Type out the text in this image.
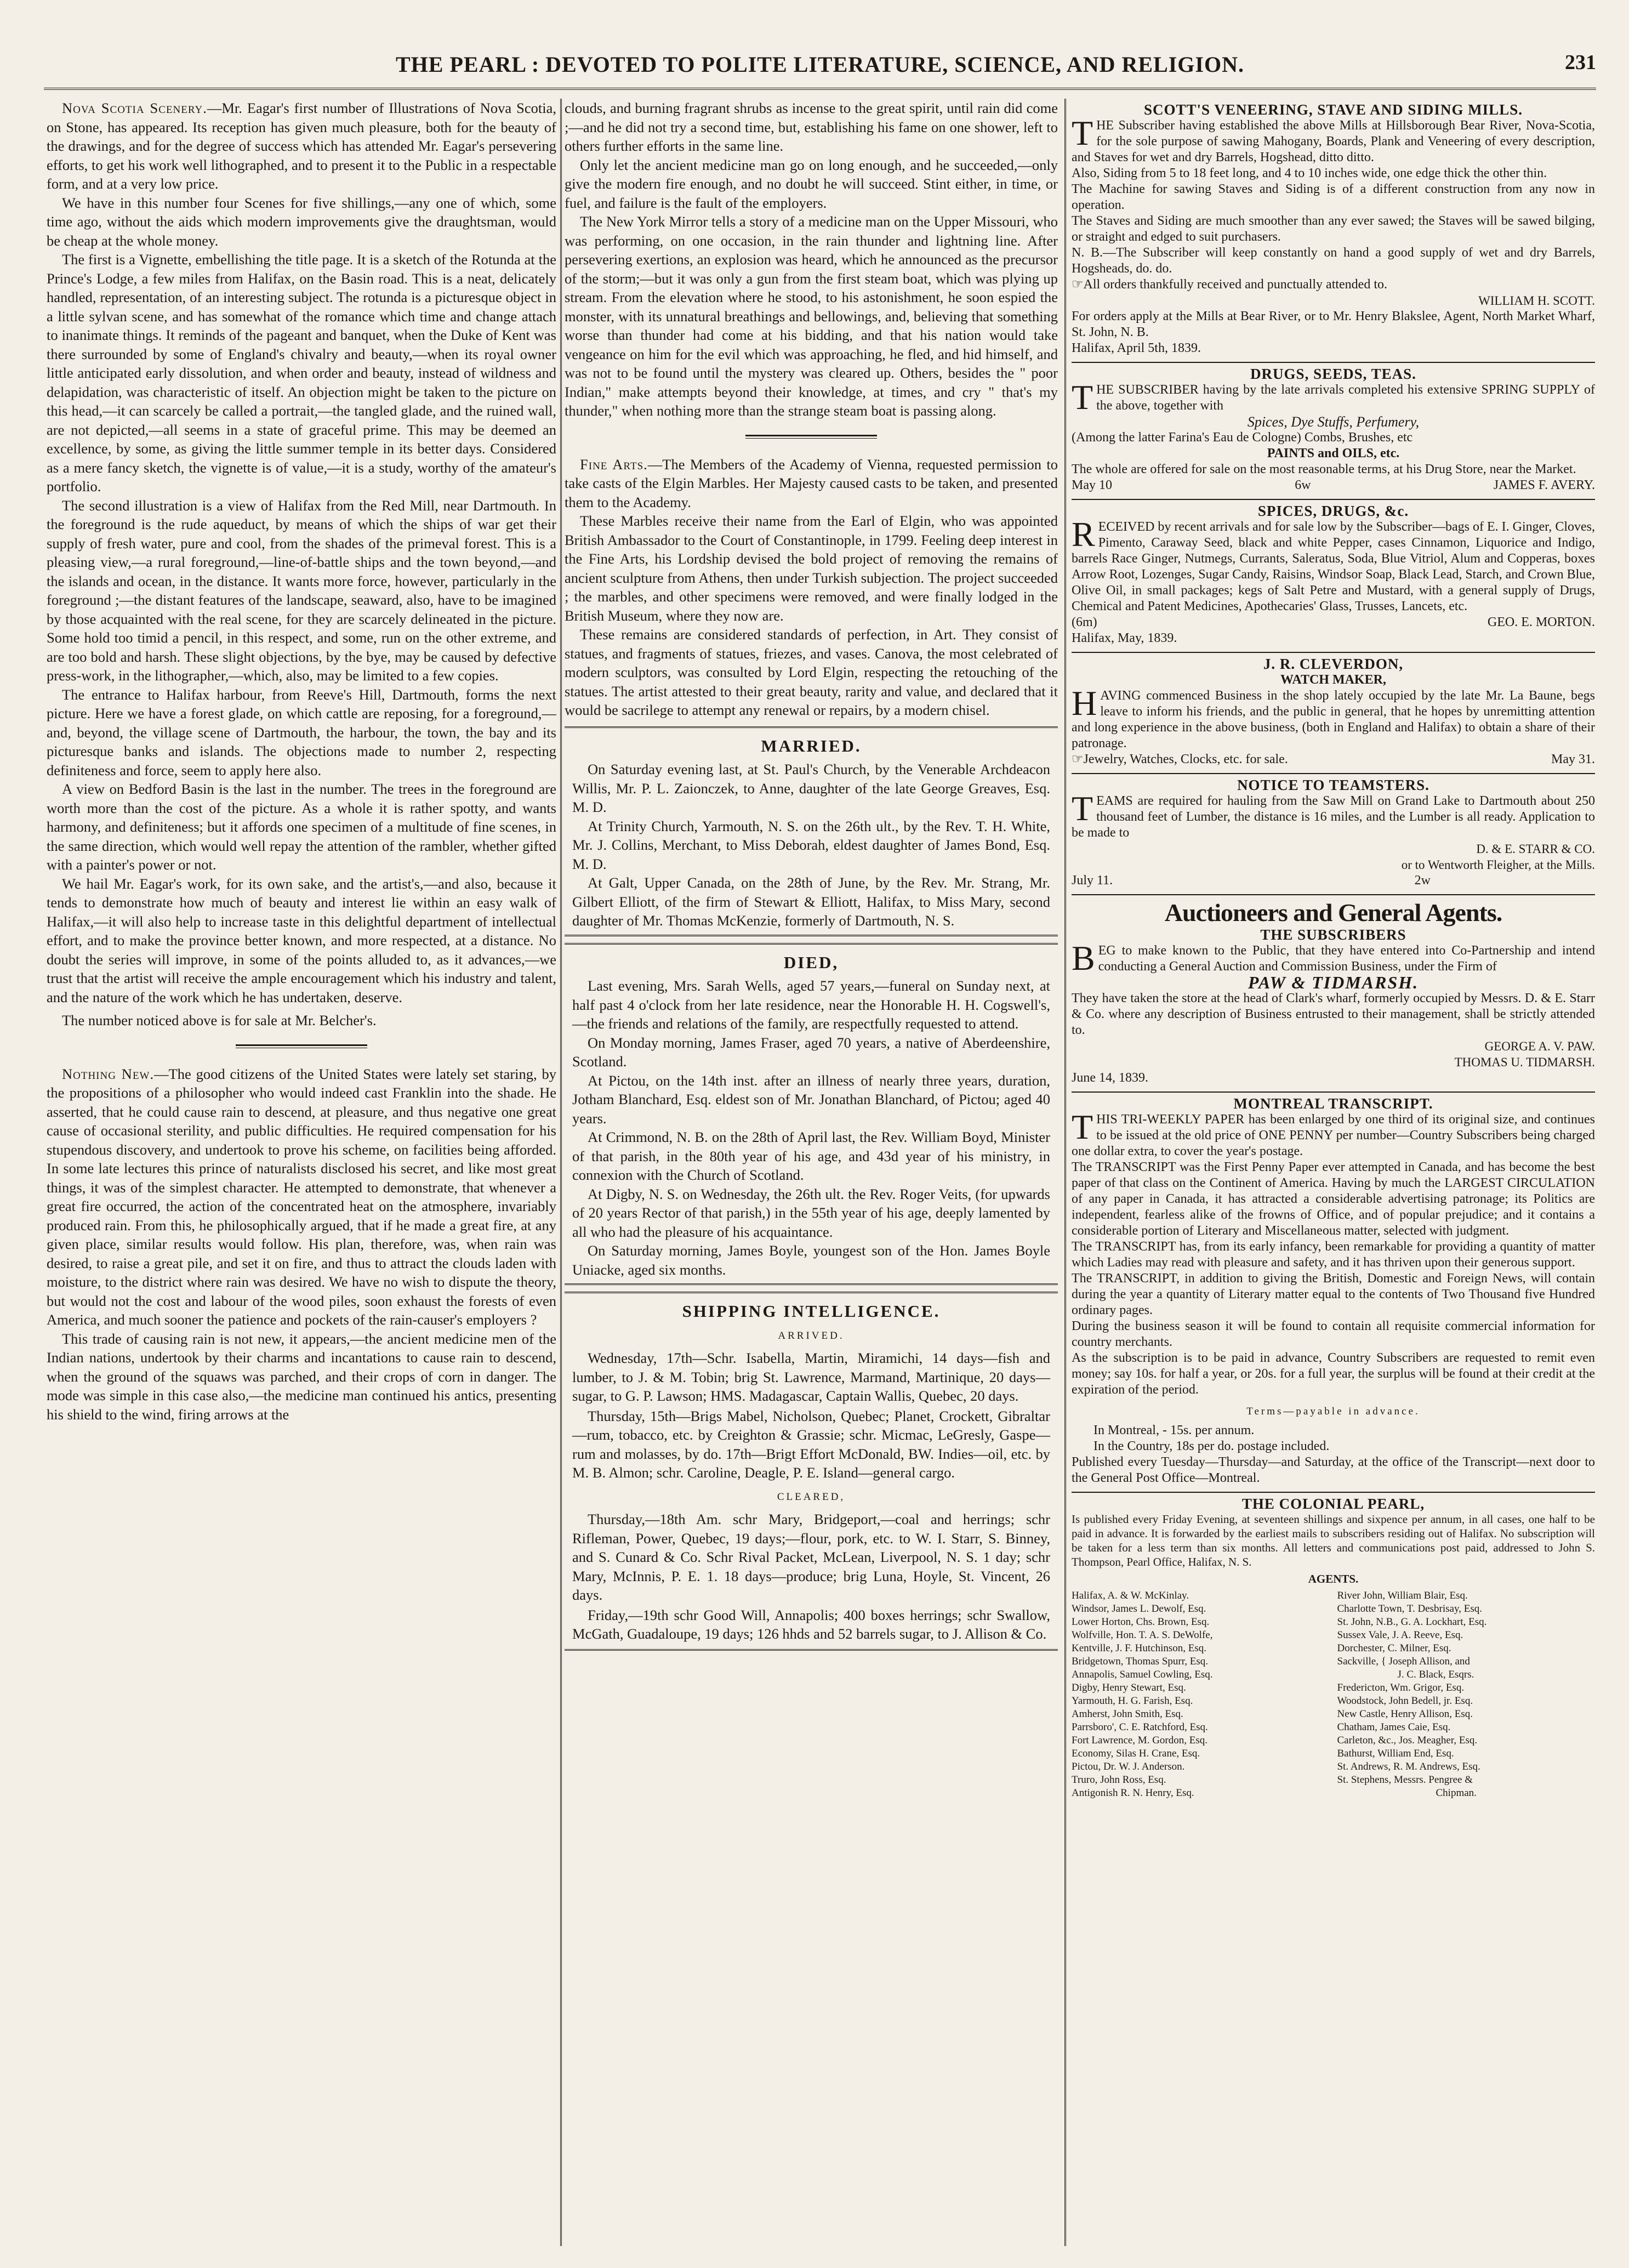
THE PEARL : DEVOTED TO POLITE LITERATURE, SCIENCE, AND RELIGION.	231

Nova Scotia Scenery.—Mr. Eagar's first number of Illustrations of Nova Scotia, on Stone, has appeared. Its reception has given much pleasure, both for the beauty of the drawings, and for the degree of success which has attended Mr. Eagar's persevering efforts, to get his work well lithographed, and to present it to the Public in a respectable form, and at a very low price.

We have in this number four Scenes for five shillings,—any one of which, some time ago, without the aids which modern improvements give the draughtsman, would be cheap at the whole money.

The first is a Vignette, embellishing the title page. It is a sketch of the Rotunda at the Prince's Lodge, a few miles from Halifax, on the Basin road. This is a neat, delicately handled, representation, of an interesting subject. The rotunda is a picturesque object in a little sylvan scene, and has somewhat of the romance which time and change attach to inanimate things. It reminds of the pageant and banquet, when the Duke of Kent was there surrounded by some of England's chivalry and beauty,—when its royal owner little anticipated early dissolution, and when order and beauty, instead of wildness and delapidation, was characteristic of itself. An objection might be taken to the picture on this head,—it can scarcely be called a portrait,—the tangled glade, and the ruined wall, are not depicted,—all seems in a state of graceful prime. This may be deemed an excellence, by some, as giving the little summer temple in its better days. Considered as a mere fancy sketch, the vignette is of value,—it is a study, worthy of the amateur's portfolio.

The second illustration is a view of Halifax from the Red Mill, near Dartmouth. In the foreground is the rude aqueduct, by means of which the ships of war get their supply of fresh water, pure and cool, from the shades of the primeval forest. This is a pleasing view,—a rural foreground,—line-of-battle ships and the town beyond,—and the islands and ocean, in the distance. It wants more force, however, particularly in the foreground ;—the distant features of the landscape, seaward, also, have to be imagined by those acquainted with the real scene, for they are scarcely delineated in the picture. Some hold too timid a pencil, in this respect, and some, run on the other extreme, and are too bold and harsh. These slight objections, by the bye, may be caused by defective press-work, in the lithographer,—which, also, may be limited to a few copies.

The entrance to Halifax harbour, from Reeve's Hill, Dartmouth, forms the next picture. Here we have a forest glade, on which cattle are reposing, for a foreground,—and, beyond, the village scene of Dartmouth, the harbour, the town, the bay and its picturesque banks and islands. The objections made to number 2, respecting definiteness and force, seem to apply here also.

A view on Bedford Basin is the last in the number. The trees in the foreground are worth more than the cost of the picture. As a whole it is rather spotty, and wants harmony, and definiteness; but it affords one specimen of a multitude of fine scenes, in the same direction, which would well repay the attention of the rambler, whether gifted with a painter's power or not.

We hail Mr. Eagar's work, for its own sake, and the artist's,—and also, because it tends to demonstrate how much of beauty and interest lie within an easy walk of Halifax,—it will also help to increase taste in this delightful department of intellectual effort, and to make the province better known, and more respected, at a distance. No doubt the series will improve, in some of the points alluded to, as it advances,—we trust that the artist will receive the ample encouragement which his industry and talent, and the nature of the work which he has undertaken, deserve.

The number noticed above is for sale at Mr. Belcher's.

Nothing New.—The good citizens of the United States were lately set staring, by the propositions of a philosopher who would indeed cast Franklin into the shade. He asserted, that he could cause rain to descend, at pleasure, and thus negative one great cause of occasional sterility, and public difficulties. He required compensation for his stupendous discovery, and undertook to prove his scheme, on facilities being afforded. In some late lectures this prince of naturalists disclosed his secret, and like most great things, it was of the simplest character. He attempted to demonstrate, that whenever a great fire occurred, the action of the concentrated heat on the atmosphere, invariably produced rain. From this, he philosophically argued, that if he made a great fire, at any given place, similar results would follow. His plan, therefore, was, when rain was desired, to raise a great pile, and set it on fire, and thus to attract the clouds laden with moisture, to the district where rain was desired. We have no wish to dispute the theory, but would not the cost and labour of the wood piles, soon exhaust the forests of even America, and much sooner the patience and pockets of the rain-causer's employers ?

This trade of causing rain is not new, it appears,—the ancient medicine men of the Indian nations, undertook by their charms and incantations to cause rain to descend, when the ground of the squaws was parched, and their crops of corn in danger. The mode was simple in this case also,—the medicine man continued his antics, presenting his shield to the wind, firing arrows at the

clouds, and burning fragrant shrubs as incense to the great spirit, until rain did come ;—and he did not try a second time, but, establishing his fame on one shower, left to others further efforts in the same line.

Only let the ancient medicine man go on long enough, and he succeeded,—only give the modern fire enough, and no doubt he will succeed. Stint either, in time, or fuel, and failure is the fault of the employers.

The New York Mirror tells a story of a medicine man on the Upper Missouri, who was performing, on one occasion, in the rain thunder and lightning line. After persevering exertions, an explosion was heard, which he announced as the precursor of the storm;—but it was only a gun from the first steam boat, which was plying up stream. From the elevation where he stood, to his astonishment, he soon espied the monster, with its unnatural breathings and bellowings, and, believing that something worse than thunder had come at his bidding, and that his nation would take vengeance on him for the evil which was approaching, he fled, and hid himself, and was not to be found until the mystery was cleared up. Others, besides the " poor Indian," make attempts beyond their knowledge, at times, and cry " that's my thunder," when nothing more than the strange steam boat is passing along.

Fine Arts.—The Members of the Academy of Vienna, requested permission to take casts of the Elgin Marbles. Her Majesty caused casts to be taken, and presented them to the Academy.

These Marbles receive their name from the Earl of Elgin, who was appointed British Ambassador to the Court of Constantinople, in 1799. Feeling deep interest in the Fine Arts, his Lordship devised the bold project of removing the remains of ancient sculpture from Athens, then under Turkish subjection. The project succeeded ; the marbles, and other specimens were removed, and were finally lodged in the British Museum, where they now are.

These remains are considered standards of perfection, in Art. They consist of statues, and fragments of statues, friezes, and vases. Canova, the most celebrated of modern sculptors, was consulted by Lord Elgin, respecting the retouching of the statues. The artist attested to their great beauty, rarity and value, and declared that it would be sacrilege to attempt any renewal or repairs, by a modern chisel.

MARRIED.

On Saturday evening last, at St. Paul's Church, by the Venerable Archdeacon Willis, Mr. P. L. Zaionczek, to Anne, daughter of the late George Greaves, Esq. M. D.

At Trinity Church, Yarmouth, N. S. on the 26th ult., by the Rev. T. H. White, Mr. J. Collins, Merchant, to Miss Deborah, eldest daughter of James Bond, Esq. M. D.

At Galt, Upper Canada, on the 28th of June, by the Rev. Mr. Strang, Mr. Gilbert Elliott, of the firm of Stewart & Elliott, Halifax, to Miss Mary, second daughter of Mr. Thomas McKenzie, formerly of Dartmouth, N. S.

DIED,

Last evening, Mrs. Sarah Wells, aged 57 years,—funeral on Sunday next, at half past 4 o'clock from her late residence, near the Honorable H. H. Cogswell's,—the friends and relations of the family, are respectfully requested to attend.

On Monday morning, James Fraser, aged 70 years, a native of Aberdeenshire, Scotland.

At Pictou, on the 14th inst. after an illness of nearly three years, duration, Jotham Blanchard, Esq. eldest son of Mr. Jonathan Blanchard, of Pictou; aged 40 years.

At Crimmond, N. B. on the 28th of April last, the Rev. William Boyd, Minister of that parish, in the 80th year of his age, and 43d year of his ministry, in connexion with the Church of Scotland.

At Digby, N. S. on Wednesday, the 26th ult. the Rev. Roger Veits, (for upwards of 20 years Rector of that parish,) in the 55th year of his age, deeply lamented by all who had the pleasure of his acquaintance.

On Saturday morning, James Boyle, youngest son of the Hon. James Boyle Uniacke, aged six months.

SHIPPING INTELLIGENCE.
ARRIVED.

Wednesday, 17th—Schr. Isabella, Martin, Miramichi, 14 days—fish and lumber, to J. & M. Tobin; brig St. Lawrence, Marmand, Martinique, 20 days—sugar, to G. P. Lawson; HMS. Madagascar, Captain Wallis, Quebec, 20 days.

Thursday, 15th—Brigs Mabel, Nicholson, Quebec; Planet, Crockett, Gibraltar—rum, tobacco, etc. by Creighton & Grassie; schr. Micmac, LeGresly, Gaspe—rum and molasses, by do. 17th—Brigt Effort McDonald, BW. Indies—oil, etc. by M. B. Almon; schr. Caroline, Deagle, P. E. Island—general cargo.

CLEARED,

Thursday,—18th Am. schr Mary, Bridgeport,—coal and herrings; schr Rifleman, Power, Quebec, 19 days;—flour, pork, etc. to W. I. Starr, S. Binney, and S. Cunard & Co. Schr Rival Packet, McLean, Liverpool, N. S. 1 day; schr Mary, McInnis, P. E. 1. 18 days—produce; brig Luna, Hoyle, St. Vincent, 26 days.

Friday,—19th schr Good Will, Annapolis; 400 boxes herrings; schr Swallow, McGath, Guadaloupe, 19 days; 126 hhds and 52 barrels sugar, to J. Allison & Co.

SCOTT'S VENEERING, STAVE AND SIDING MILLS.

THE Subscriber having established the above Mills at Hillsborough Bear River, Nova-Scotia, for the sole purpose of sawing Mahogany, Boards, Plank and Veneering of every description, and Staves for wet and dry Barrels, Hogshead, ditto ditto.

Also, Siding from 5 to 18 feet long, and 4 to 10 inches wide, one edge thick the other thin.

The Machine for sawing Staves and Siding is of a different construction from any now in operation.

The Staves and Siding are much smoother than any ever sawed; the Staves will be sawed bilging, or straight and edged to suit purchasers.

N. B.—The Subscriber will keep constantly on hand a good supply of wet and dry Barrels, Hogsheads, do. do.

☞All orders thankfully received and punctually attended to.

WILLIAM H. SCOTT.

For orders apply at the Mills at Bear River, or to Mr. Henry Blakslee, Agent, North Market Wharf, St. John, N. B.

Halifax, April 5th, 1839.

DRUGS, SEEDS, TEAS.

THE SUBSCRIBER having by the late arrivals completed his extensive SPRING SUPPLY of the above, together with

Spices, Dye Stuffs, Perfumery,

(Among the latter Farina's Eau de Cologne) Combs, Brushes, etc

PAINTS and OILS, etc.

The whole are offered for sale on the most reasonable terms, at his Drug Store, near the Market.

May 10	6w	JAMES F. AVERY.
SPICES, DRUGS, &c.

RECEIVED by recent arrivals and for sale low by the Subscriber—bags of E. I. Ginger, Cloves, Pimento, Caraway Seed, black and white Pepper, cases Cinnamon, Liquorice and Indigo, barrels Race Ginger, Nutmegs, Currants, Saleratus, Soda, Blue Vitriol, Alum and Copperas, boxes Arrow Root, Lozenges, Sugar Candy, Raisins, Windsor Soap, Black Lead, Starch, and Crown Blue, Olive Oil, in small packages; kegs of Salt Petre and Mustard, with a general supply of Drugs, Chemical and Patent Medicines, Apothecaries' Glass, Trusses, Lancets, etc.

(6m)	GEO. E. MORTON.

Halifax, May, 1839.

J. R. CLEVERDON,
WATCH MAKER,

HAVING commenced Business in the shop lately occupied by the late Mr. La Baune, begs leave to inform his friends, and the public in general, that he hopes by unremitting attention and long experience in the above business, (both in England and Halifax) to obtain a share of their patronage.

☞Jewelry, Watches, Clocks, etc. for sale.	May 31.
NOTICE TO TEAMSTERS.

TEAMS are required for hauling from the Saw Mill on Grand Lake to Dartmouth about 250 thousand feet of Lumber, the distance is 16 miles, and the Lumber is all ready. Application to be made to

D. & E. STARR & CO.
or to Wentworth Fleigher, at the Mills.
July 11.	2w
Auctioneers and General Agents.
THE SUBSCRIBERS

BEG to make known to the Public, that they have entered into Co-Partnership and intend conducting a General Auction and Commission Business, under the Firm of

PAW & TIDMARSH.

They have taken the store at the head of Clark's wharf, formerly occupied by Messrs. D. & E. Starr & Co. where any description of Business entrusted to their management, shall be strictly attended to.

GEORGE A. V. PAW.
THOMAS U. TIDMARSH.

June 14, 1839.

MONTREAL TRANSCRIPT.

THIS TRI-WEEKLY PAPER has been enlarged by one third of its original size, and continues to be issued at the old price of ONE PENNY per number—Country Subscribers being charged one dollar extra, to cover the year's postage.

The TRANSCRIPT was the First Penny Paper ever attempted in Canada, and has become the best paper of that class on the Continent of America. Having by much the LARGEST CIRCULATION of any paper in Canada, it has attracted a considerable advertising patronage; its Politics are independent, fearless alike of the frowns of Office, and of popular prejudice; and it contains a considerable portion of Literary and Miscellaneous matter, selected with judgment.

The TRANSCRIPT has, from its early infancy, been remarkable for providing a quantity of matter which Ladies may read with pleasure and safety, and it has thriven upon their generous support.

The TRANSCRIPT, in addition to giving the British, Domestic and Foreign News, will contain during the year a quantity of Literary matter equal to the contents of Two Thousand five Hundred ordinary pages.

During the business season it will be found to contain all requisite commercial information for country merchants.

As the subscription is to be paid in advance, Country Subscribers are requested to remit even money; say 10s. for half a year, or 20s. for a full year, the surplus will be found at their credit at the expiration of the period.

Terms—payable in advance.

In Montreal, - 15s. per annum.

In the Country, 18s per do. postage included.

Published every Tuesday—Thursday—and Saturday, at the office of the Transcript—next door to the General Post Office—Montreal.

THE COLONIAL PEARL,

Is published every Friday Evening, at seventeen shillings and sixpence per annum, in all cases, one half to be paid in advance. It is forwarded by the earliest mails to subscribers residing out of Halifax. No subscription will be taken for a less term than six months. All letters and communications post paid, addressed to John S. Thompson, Pearl Office, Halifax, N. S.

AGENTS.
Halifax, A. & W. McKinlay.
Windsor, James L. Dewolf, Esq.
Lower Horton, Chs. Brown, Esq.
Wolfville, Hon. T. A. S. DeWolfe,
Kentville, J. F. Hutchinson, Esq.
Bridgetown, Thomas Spurr, Esq.
Annapolis, Samuel Cowling, Esq.
Digby, Henry Stewart, Esq.
Yarmouth, H. G. Farish, Esq.
Amherst, John Smith, Esq.
Parrsboro', C. E. Ratchford, Esq.
Fort Lawrence, M. Gordon, Esq.
Economy, Silas H. Crane, Esq.
Pictou, Dr. W. J. Anderson.
Truro, John Ross, Esq.
Antigonish R. N. Henry, Esq.
River John, William Blair, Esq.
Charlotte Town, T. Desbrisay, Esq.
St. John, N.B., G. A. Lockhart, Esq.
Sussex Vale, J. A. Reeve, Esq.
Dorchester, C. Milner, Esq.
Sackville, { Joseph Allison, and
J. C. Black, Esqrs.
Fredericton, Wm. Grigor, Esq.
Woodstock, John Bedell, jr. Esq.
New Castle, Henry Allison, Esq.
Chatham, James Caie, Esq.
Carleton, &c., Jos. Meagher, Esq.
Bathurst, William End, Esq.
St. Andrews, R. M. Andrews, Esq.
St. Stephens, Messrs. Pengree &
Chipman.
